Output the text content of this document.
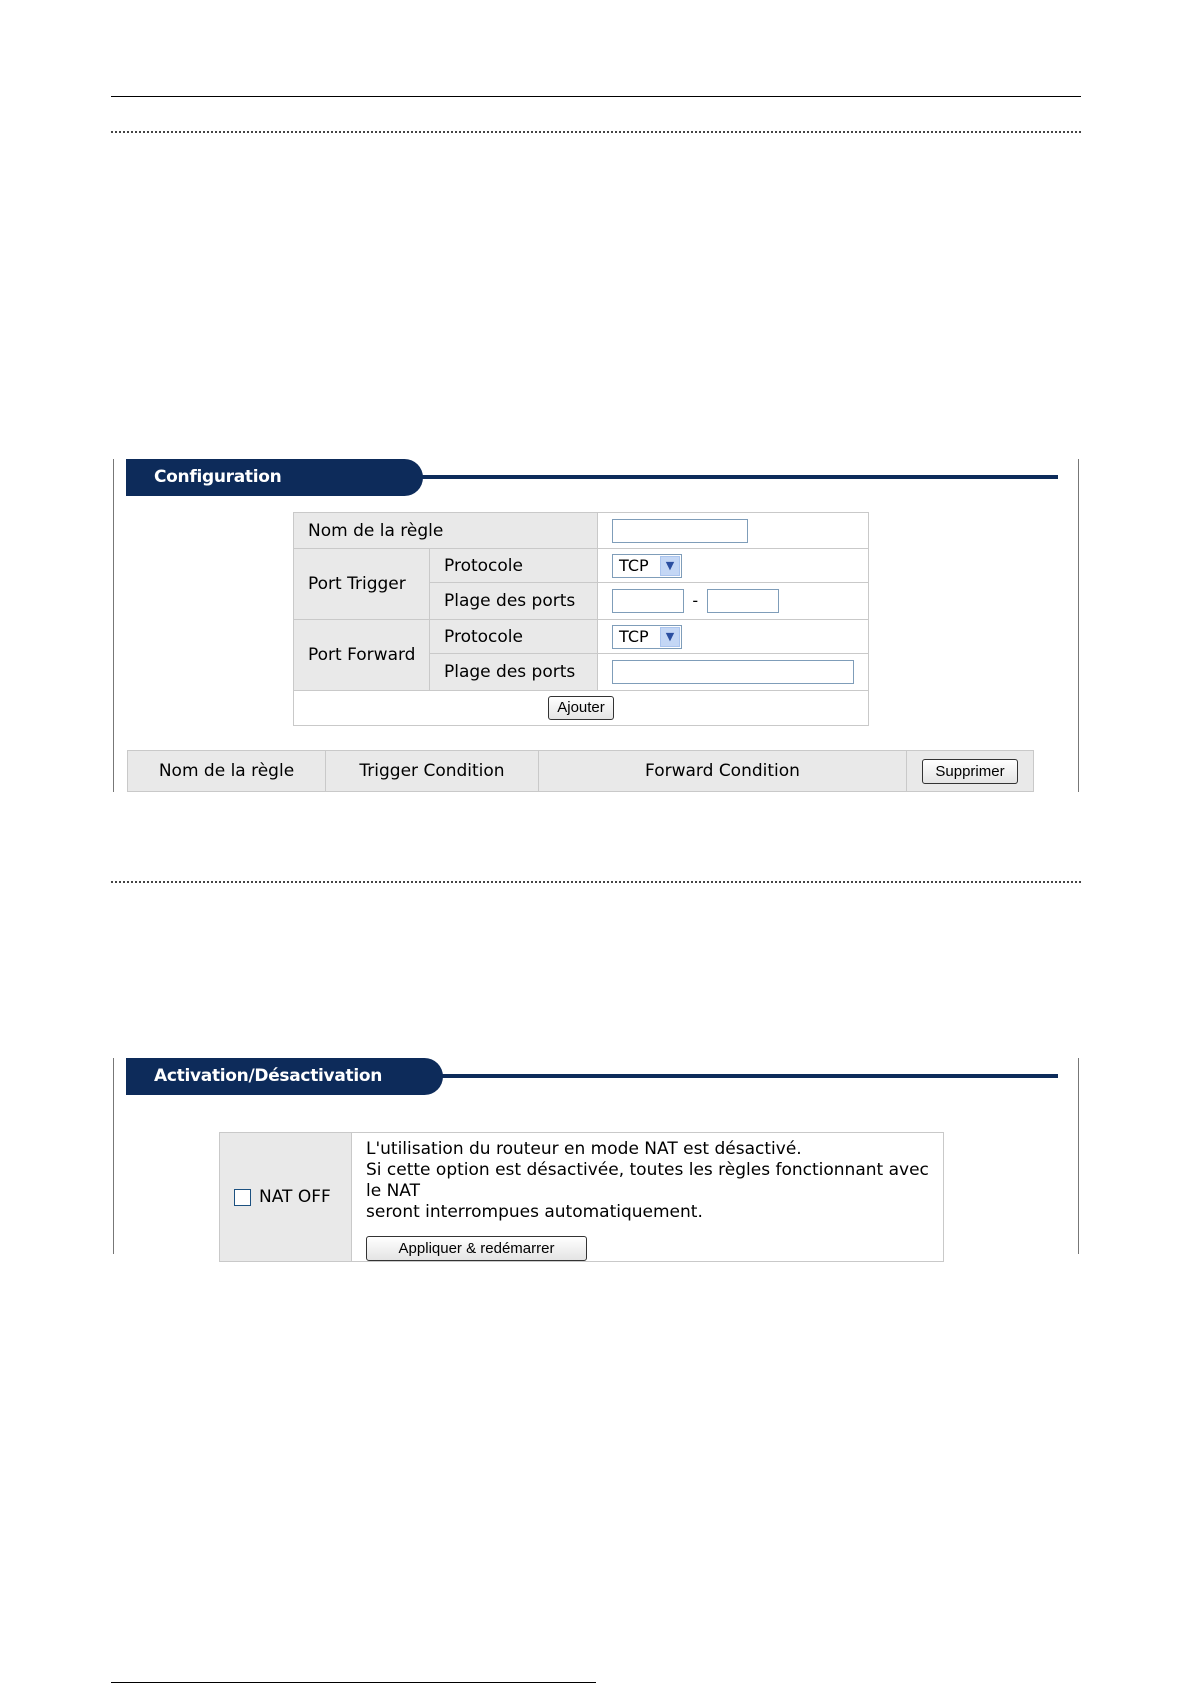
Configuration
Nom de la règle		
Port Trigger	Protocole	TCP ▼

	Plage des ports	-
Port Forward	Protocole	TCP ▼

	Plage des ports	
Ajouter		
Nom de la règle	Trigger Condition	Forward Condition	Supprimer
Activation/Désactivation
NAT OFF	
L'utilisation du routeur en mode NAT est désactivé.
Si cette option est désactivée, toutes les règles fonctionnant avec le NAT
seront interrompues automatiquement.
Appliquer & redémarrer
